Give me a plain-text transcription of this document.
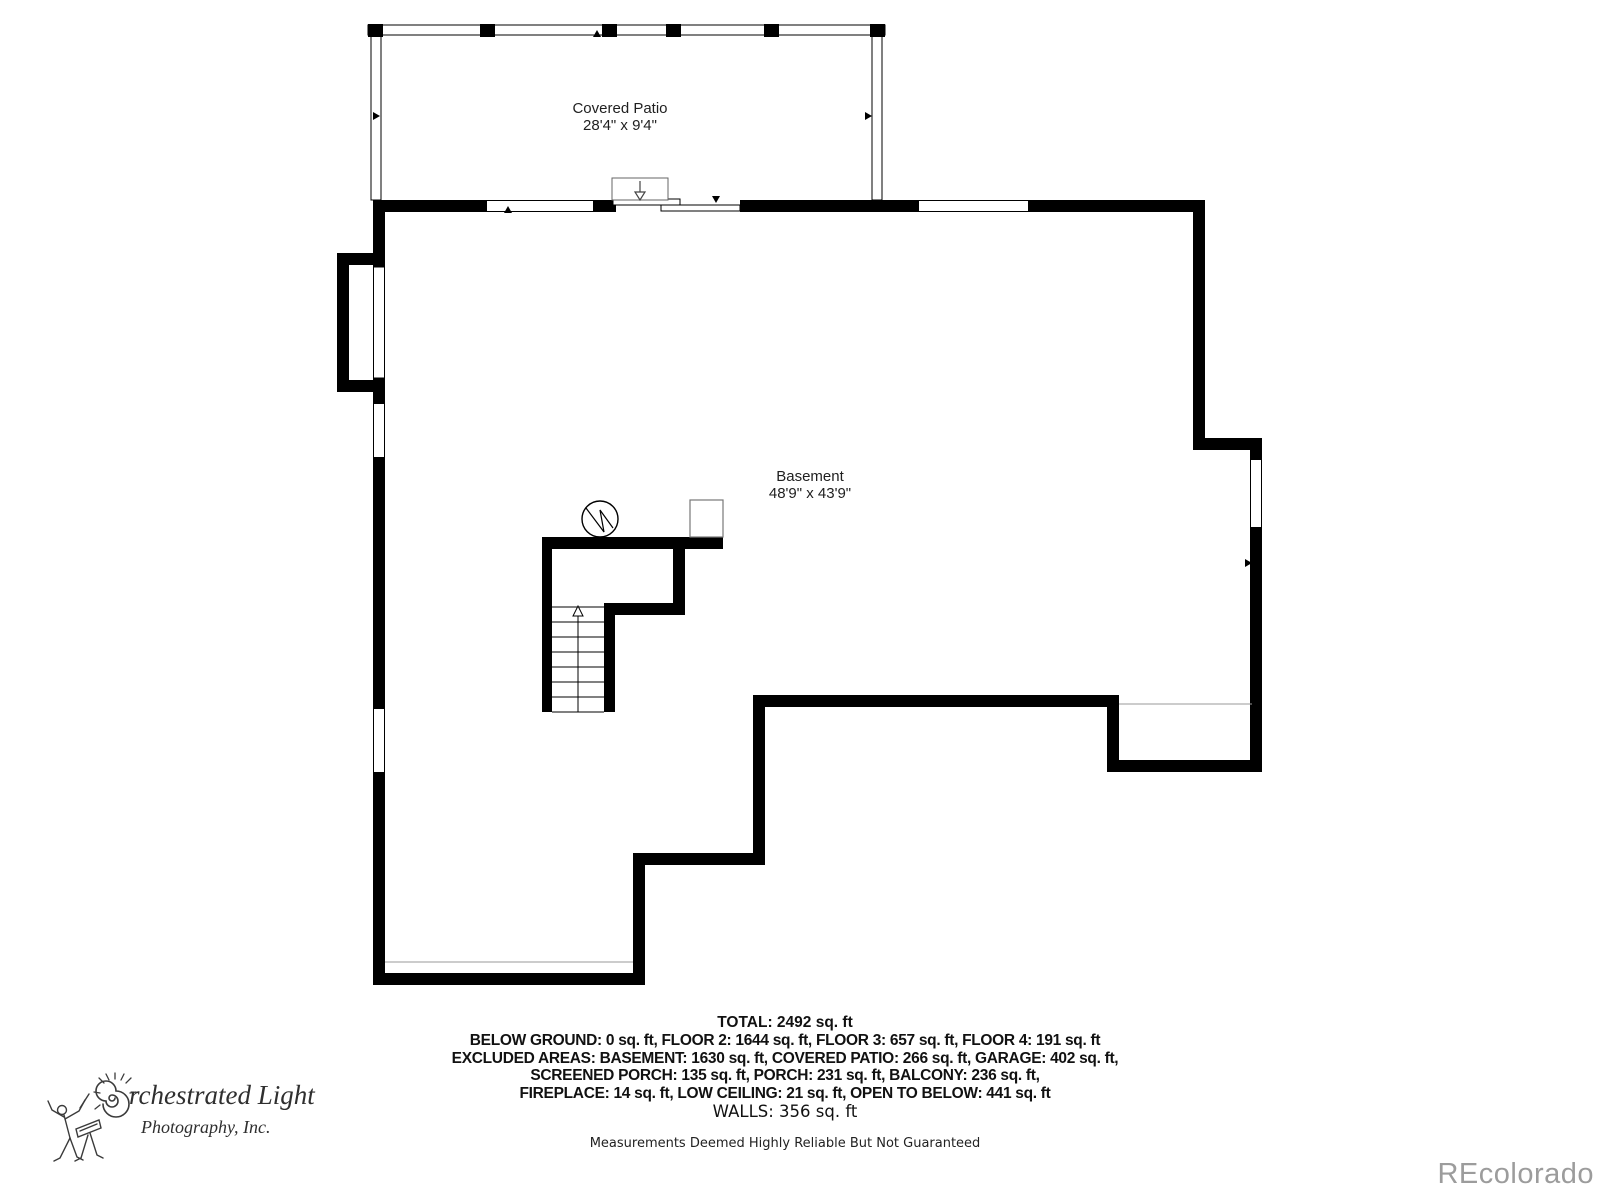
Covered Patio
28'4" x 9'4"
Basement
48'9" x 43'9"
TOTAL: 2492 sq. ft
BELOW GROUND: 0 sq. ft, FLOOR 2: 1644 sq. ft, FLOOR 3: 657 sq. ft, FLOOR 4: 191 sq. ft
EXCLUDED AREAS: BASEMENT: 1630 sq. ft, COVERED PATIO: 266 sq. ft, GARAGE: 402 sq. ft,
SCREENED PORCH: 135 sq. ft, PORCH: 231 sq. ft, BALCONY: 236 sq. ft,
FIREPLACE: 14 sq. ft, LOW CEILING: 21 sq. ft, OPEN TO BELOW: 441 sq. ft
WALLS: 356 sq. ft
Measurements Deemed Highly Reliable But Not Guaranteed
REcolorado
rchestrated Light
Photography, Inc.
